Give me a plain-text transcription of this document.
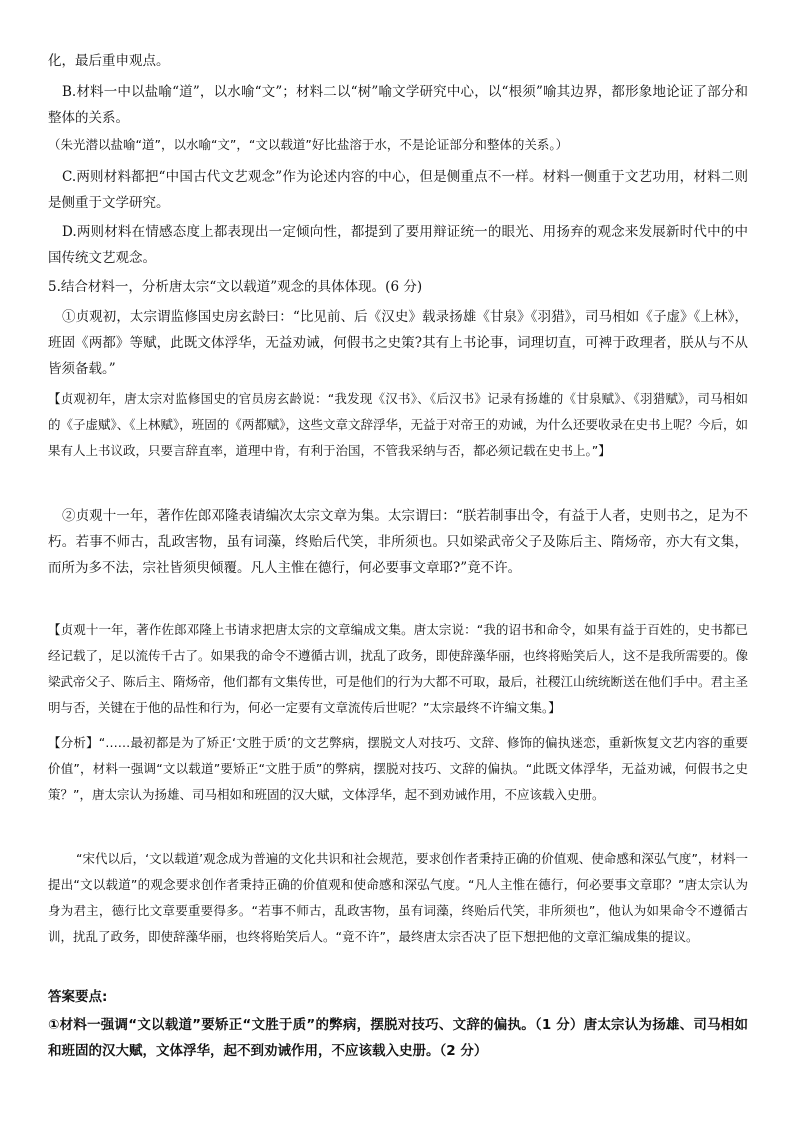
化，最后重申观点。

B.材料一中以盐喻“道”，以水喻“文”；材料二以“树”喻文学研究中心，以“根须”喻其边界，都形象地论证了部分和整体的关系。

（朱光潜以盐喻“道”，以水喻“文”，“文以载道”好比盐溶于水，不是论证部分和整体的关系。）

C.两则材料都把“中国古代文艺观念”作为论述内容的中心，但是侧重点不一样。材料一侧重于文艺功用，材料二则是侧重于文学研究。

D.两则材料在情感态度上都表现出一定倾向性，都提到了要用辩证统一的眼光、用扬弃的观念来发展新时代中的中国传统文艺观念。

5.结合材料一，分析唐太宗“文以载道”观念的具体体现。(6 分)

①贞观初，太宗谓监修国史房玄龄曰：“比见前、后《汉史》载录扬雄《甘泉》《羽猎》，司马相如《子虚》《上林》，班固《两都》等赋，此既文体浮华，无益劝诫，何假书之史策?其有上书论事，词理切直，可裨于政理者，朕从与不从皆须备载。”

【贞观初年，唐太宗对监修国史的官员房玄龄说：“我发现《汉书》、《后汉书》记录有扬雄的《甘泉赋》、《羽猎赋》，司马相如的《子虚赋》、《上林赋》，班固的《两都赋》，这些文章文辞浮华，无益于对帝王的劝诫，为什么还要收录在史书上呢？今后，如果有人上书议政，只要言辞直率，道理中肯，有利于治国，不管我采纳与否，都必须记载在史书上。”】

②贞观十一年，著作佐郎邓隆表请编次太宗文章为集。太宗谓曰：“朕若制事出令，有益于人者，史则书之，足为不朽。若事不师古，乱政害物，虽有词藻，终贻后代笑，非所须也。只如梁武帝父子及陈后主、隋炀帝，亦大有文集，而所为多不法，宗社皆须臾倾覆。凡人主惟在德行，何必要事文章耶?”竟不许。

【贞观十一年，著作佐郎邓隆上书请求把唐太宗的文章编成文集。唐太宗说：“我的诏书和命令，如果有益于百姓的，史书都已经记载了，足以流传千古了。如果我的命令不遵循古训，扰乱了政务，即使辞藻华丽，也终将贻笑后人，这不是我所需要的。像梁武帝父子、陈后主、隋炀帝，他们都有文集传世，可是他们的行为大都不可取，最后，社稷江山统统断送在他们手中。君主圣明与否，关键在于他的品性和行为，何必一定要有文章流传后世呢？”太宗最终不许编文集。】

【分析】“……最初都是为了矫正‘文胜于质’的文艺弊病，摆脱文人对技巧、文辞、修饰的偏执迷恋，重新恢复文艺内容的重要价值”，材料一强调“文以载道”要矫正“文胜于质”的弊病，摆脱对技巧、文辞的偏执。“此既文体浮华，无益劝诫，何假书之史策？”，唐太宗认为扬雄、司马相如和班固的汉大赋，文体浮华，起不到劝诫作用，不应该载入史册。

“宋代以后，‘文以载道’观念成为普遍的文化共识和社会规范，要求创作者秉持正确的价值观、使命感和深弘气度”，材料一提出“文以载道”的观念要求创作者秉持正确的价值观和使命感和深弘气度。“凡人主惟在德行，何必要事文章耶？”唐太宗认为身为君主，德行比文章要重要得多。“若事不师古，乱政害物，虽有词藻，终贻后代笑，非所须也”，他认为如果命令不遵循古训，扰乱了政务，即使辞藻华丽，也终将贻笑后人。“竟不许”，最终唐太宗否决了臣下想把他的文章汇编成集的提议。

答案要点:

①材料一强调“文以载道”要矫正“文胜于质”的弊病，摆脱对技巧、文辞的偏执。（1 分）唐太宗认为扬雄、司马相如和班固的汉大赋，文体浮华，起不到劝诫作用，不应该载入史册。（2 分）
